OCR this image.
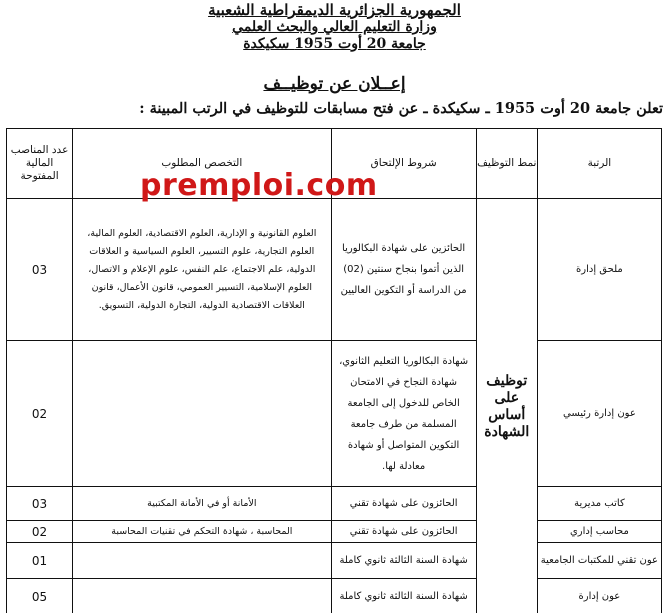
الجمهورية الجزائرية الديمقراطية الشعبية
وزارة التعليم العالي والبحث العلمي
جامعة 20 أوت 1955 سكيكدة
إعــلان عن توظيــف
تعلن جامعة 20 أوت 1955 ـ سكيكدة ـ عن فتح مسابقات للتوظيف في الرتب المبينة :
الرتبة	نمط التوظيف	شروط الإلتحاق	التخصص المطلوب	عدد المناصب المالية المفتوحة
ملحق إدارة	توظيف على أساس الشهادة	الحائزين على شهادة البكالوريا الذين أتموا بنجاح سنتين (02) من الدراسة أو التكوين العاليين	العلوم القانونية و الإدارية، العلوم الاقتصادية، العلوم المالية، العلوم التجارية، علوم التسيير، العلوم السياسية و العلاقات الدولية، علم الاجتماع، علم النفس، علوم الإعلام و الاتصال، العلوم الإسلامية، التسيير العمومي، قانون الأعمال، قانون العلاقات الاقتصادية الدولية، التجارة الدولية، التسويق.	03
عون إدارة رئيسي		شهادة البكالوريا التعليم الثانوي، شهادة النجاح في الامتحان الخاص للدخول إلى الجامعة المسلمة من طرف جامعة التكوين المتواصل أو شهادة معادلة لها.		02
كاتب مديرية		الحائزون على شهادة تقني	الأمانة أو في الأمانة المكتبية	03
محاسب إداري		الحائزون على شهادة تقني	المحاسبة ، شهادة التحكم في تقنيات المحاسبة	02
عون تقني للمكتبات الجامعية		شهادة السنة الثالثة ثانوي كاملة		01
عون إدارة		شهادة السنة الثالثة ثانوي كاملة		05
premploi.com
